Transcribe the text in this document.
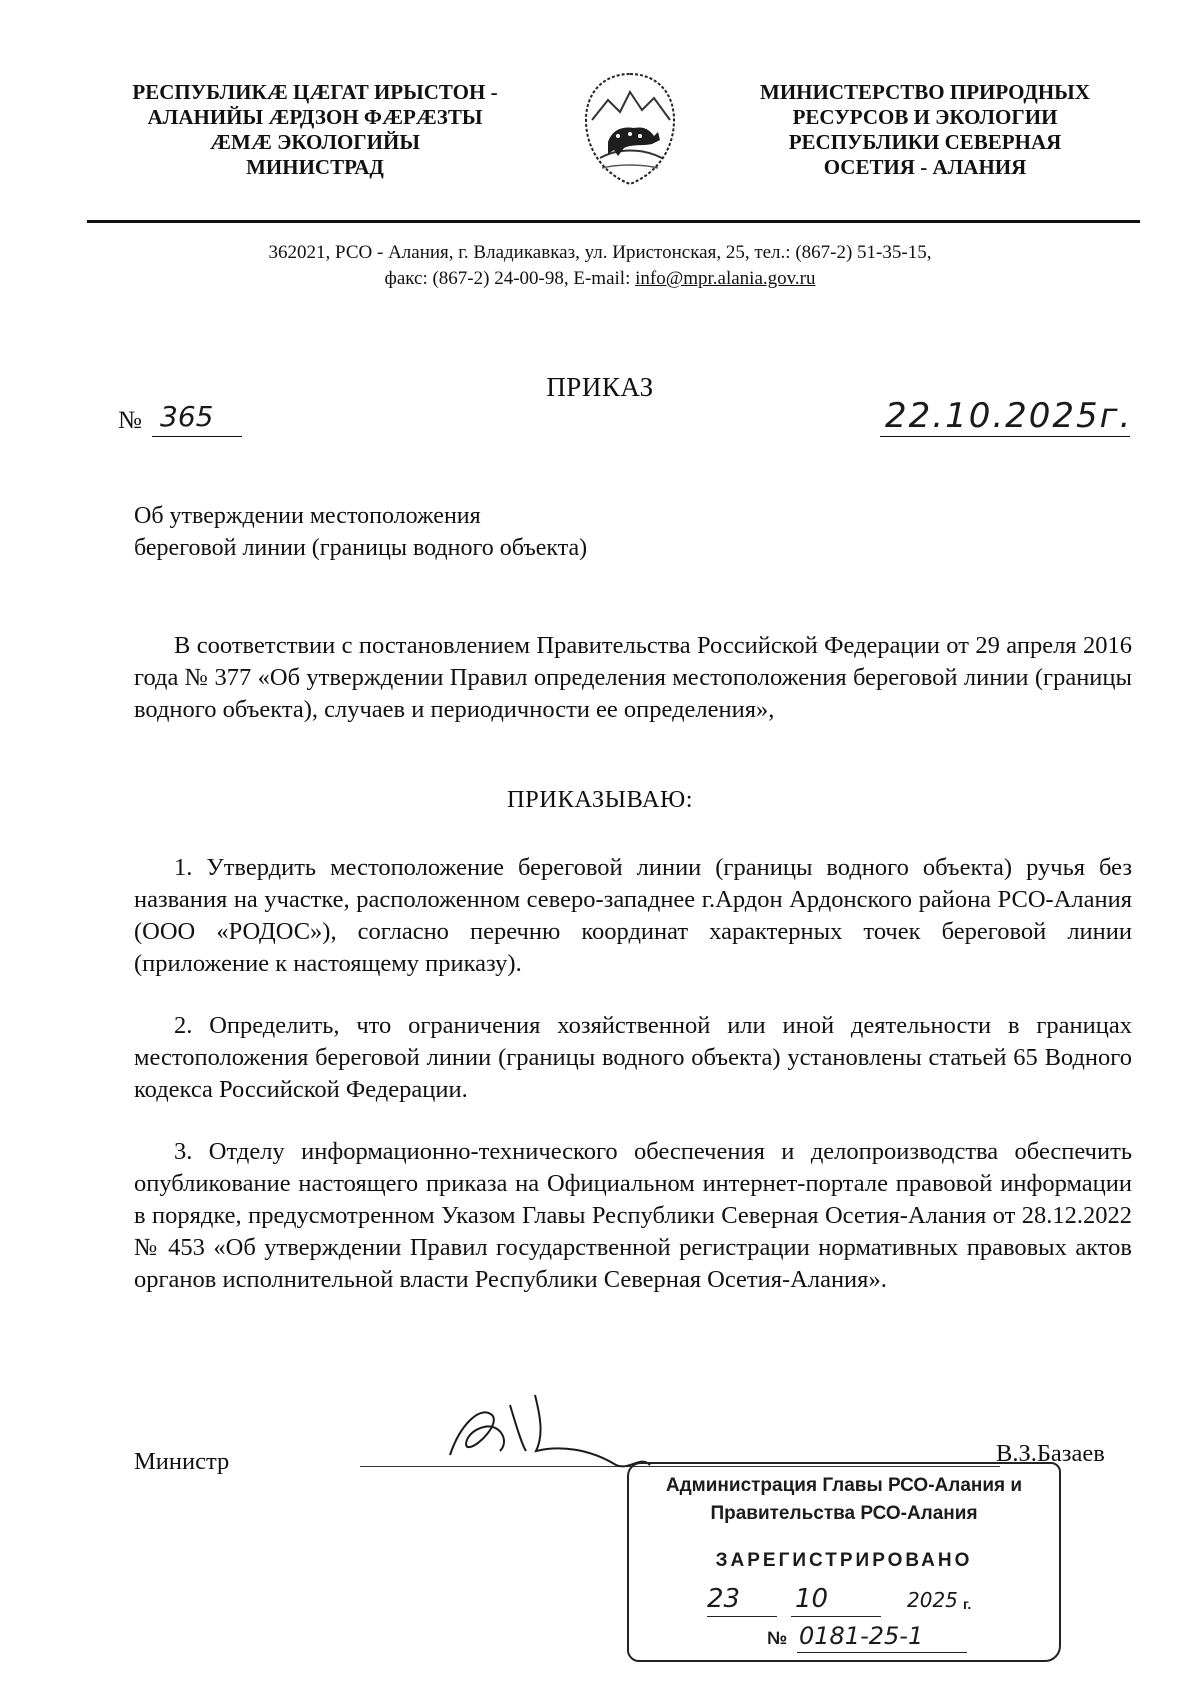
РЕСПУБЛИКÆ ЦÆГАТ ИРЫСТОН -
АЛАНИЙЫ ÆРДЗОН ФÆРÆЗТЫ
ÆМÆ ЭКОЛОГИЙЫ
МИНИСТРАД
МИНИСТЕРСТВО ПРИРОДНЫХ
РЕСУРСОВ И ЭКОЛОГИИ
РЕСПУБЛИКИ СЕВЕРНАЯ
ОСЕТИЯ - АЛАНИЯ
362021, РСО - Алания, г. Владикавказ, ул. Иристонская, 25, тел.: (867-2) 51-35-15,
факс: (867-2) 24-00-98, E-mail: info@mpr.alania.gov.ru
ПРИКАЗ
№ 365	22.10.2025г.
Об утверждении местоположения
береговой линии (границы водного объекта)
В соответствии с постановлением Правительства Российской Федерации от 29 апреля 2016 года № 377 «Об утверждении Правил определения местоположения береговой линии (границы водного объекта), случаев и периодичности ее определения»,
ПРИКАЗЫВАЮ:
1. Утвердить местоположение береговой линии (границы водного объекта) ручья без названия на участке, расположенном северо-западнее г.Ардон Ардонского района РСО-Алания (ООО «РОДОС»), согласно перечню координат характерных точек береговой линии (приложение к настоящему приказу).
2. Определить, что ограничения хозяйственной или иной деятельности в границах местоположения береговой линии (границы водного объекта) установлены статьей 65 Водного кодекса Российской Федерации.
3. Отделу информационно-технического обеспечения и делопроизводства обеспечить опубликование настоящего приказа на Официальном интернет-портале правовой информации в порядке, предусмотренном Указом Главы Республики Северная Осетия-Алания от 28.12.2022 № 453 «Об утверждении Правил государственной регистрации нормативных правовых актов органов исполнительной власти Республики Северная Осетия-Алания».
Министр	В.З.Базаев
Администрация Главы РСО-Алания и
Правительства РСО-Алания
ЗАРЕГИСТРИРОВАНО
23 10	2025 г.
№ 0181-25-1
